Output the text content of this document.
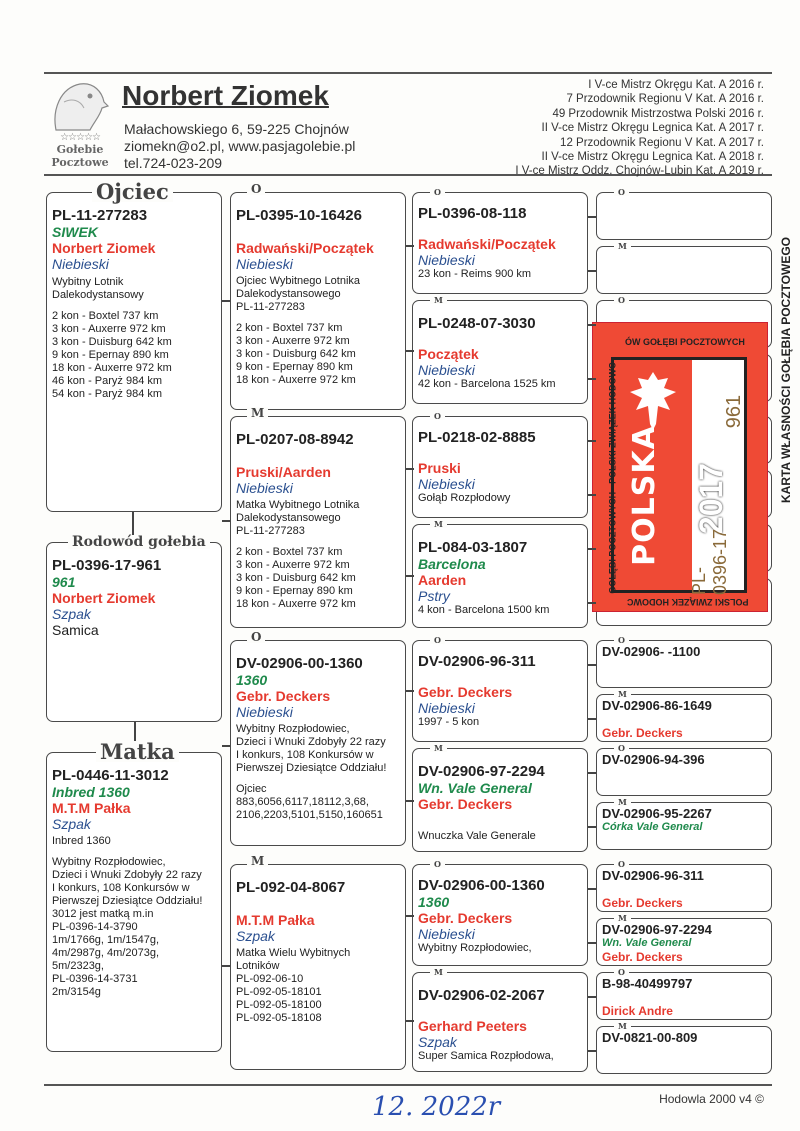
☆☆☆☆☆
Gołebie
Pocztowe
Norbert Ziomek
Małachowskiego 6, 59-225 Chojnów
ziomekn@o2.pl, www.pasjagolebie.pl
tel.724-023-209
I V-ce Mistrz Okręgu Kat. A 2016 r.
7 Przodownik Regionu V Kat. A 2016 r.
49 Przodownik Mistrzostwa Polski 2016 r.
II V-ce Mistrz Okręgu Legnica Kat. A 2017 r.
12 Przodownik Regionu V Kat. A 2017 r.
II V-ce Mistrz Okręgu Legnica Kat. A 2018 r.
I V-ce Mistrz Oddz. Chojnów-Lubin Kat. A 2019 r.
PL-11-277283
SIWEK
Norbert Ziomek
Niebieski
Wybitny Lotnik
Dalekodystansowy
2 kon - Boxtel 737 km
3 kon - Auxerre 972 km
3 kon - Duisburg 642 km
9 kon - Epernay 890 km
18 kon - Auxerre 972 km
46 kon - Paryż 984 km
54 kon - Paryż 984 km
Ojciec
PL-0396-17-961
961
Norbert Ziomek
Szpak
Samica
Rodowód gołebia
PL-0446-11-3012
Inbred 1360
M.T.M Pałka
Szpak
Inbred 1360
Wybitny Rozpłodowiec,
Dzieci i Wnuki Zdobyły 22 razy
I konkurs, 108 Konkursów w
Pierwszej Dziesiątce Oddziału!
3012 jest matką m.in
PL-0396-14-3790
1m/1766g, 1m/1547g,
4m/2987g, 4m/2073g,
5m/2323g,
PL-0396-14-3731
2m/3154g
Matka
PL-0395-10-16426
Radwański/Początek
Niebieski
Ojciec Wybitnego Lotnika
Dalekodystansowego
PL-11-277283
2 kon - Boxtel 737 km
3 kon - Auxerre 972 km
3 kon - Duisburg 642 km
9 kon - Epernay 890 km
18 kon - Auxerre 972 km
O
PL-0207-08-8942
Pruski/Aarden
Niebieski
Matka Wybitnego Lotnika
Dalekodystansowego
PL-11-277283
2 kon - Boxtel 737 km
3 kon - Auxerre 972 km
3 kon - Duisburg 642 km
9 kon - Epernay 890 km
18 kon - Auxerre 972 km
M
DV-02906-00-1360
1360
Gebr. Deckers
Niebieski
Wybitny Rozpłodowiec,
Dzieci i Wnuki Zdobyły 22 razy
I konkurs, 108 Konkursów w
Pierwszej Dziesiątce Oddziału!
Ojciec
883,6056,6117,18112,3,68,
2106,2203,5101,5150,160651
O
PL-092-04-8067
M.T.M Pałka
Szpak
Matka Wielu Wybitnych
Lotników
PL-092-06-10
PL-092-05-18101
PL-092-05-18100
PL-092-05-18108
M
PL-0396-08-118
Radwański/Początek
Niebieski
23 kon - Reims 900 km
O
PL-0248-07-3030
Początek
Niebieski
42 kon - Barcelona 1525 km
M
PL-0218-02-8885
Pruski
Niebieski
Gołąb Rozpłodowy
O
PL-084-03-1807
Barcelona
Aarden
Pstry
4 kon - Barcelona 1500 km
M
DV-02906-96-311
Gebr. Deckers
Niebieski
1997 - 5 kon
O
DV-02906-97-2294
Wn. Vale General
Gebr. Deckers
Wnuczka Vale Generale
M
DV-02906-00-1360
1360
Gebr. Deckers
Niebieski
Wybitny Rozpłodowiec,
O
DV-02906-02-2067
Gerhard Peeters
Szpak
Super Samica Rozpłodowa,
M
O
M
O
DV-02906- -1100
O
DV-02906-86-1649
Gebr. Deckers
M
DV-02906-94-396
O
DV-02906-95-2267
Córka Vale General
M
DV-02906-96-311
Gebr. Deckers
O
DV-02906-97-2294
Wn. Vale General
Gebr. Deckers
M
B-98-40499797
Dirick Andre
O
DV-0821-00-809
M
POLSKA 2017
PL-0396-17
961
ÓW GOŁĘBI POCZTOWYCH
GOŁĘBI POCZTOWYCH - POLSKI ZWIĄZEK HODOWC
POLSKI ZWIĄZEK HODOWC
KARTA WŁASNOŚCI GOŁĘBIA POCZTOWEGO
12. 2022r	Hodowla 2000 v4 ©
